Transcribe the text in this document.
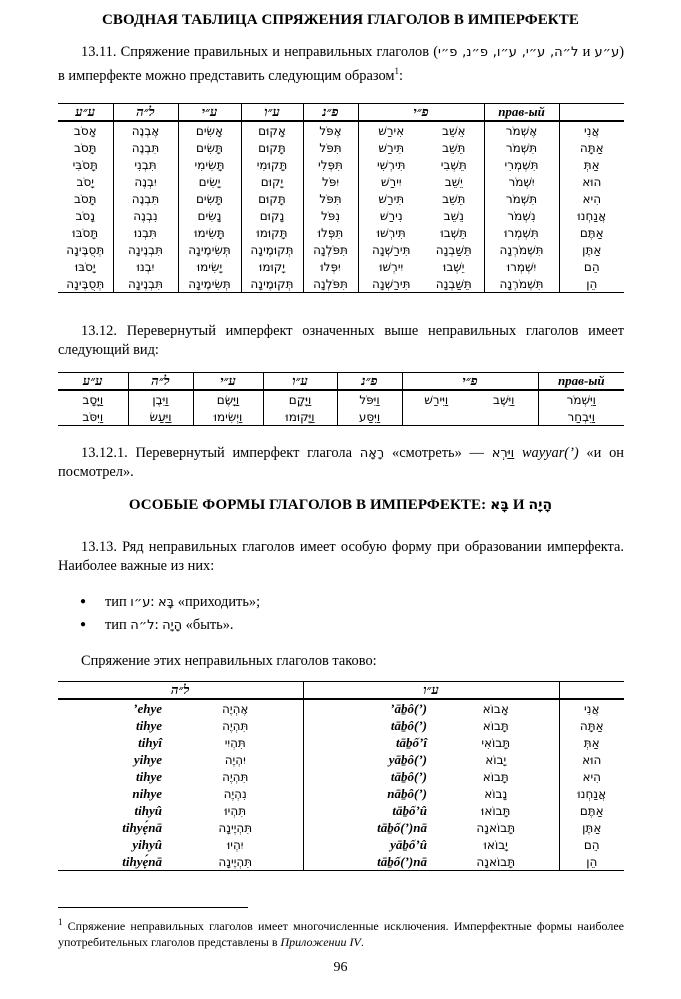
СВОДНАЯ ТАБЛИЦА СПРЯЖЕНИЯ ГЛАГОЛОВ В ИМПЕРФЕКТЕ
13.11. Спряжение правильных и неправильных глаголов (ל״ה, ע״י, ע״ו, פ״נ, פ״י и ע״ע) в имперфекте можно представить следующим образом$^1$:
ע״ע	ל״ה	ע״י	ע״ו	פ״נ	פ״י		прав-ый	
אָסֹב	אֶבְנֶה	אָשִׂים	אָקוּם	אֶפֹּל	אִירַשׁ	אֵשֵׁב	אֶשְׁמֹר	אֲנִי
תָּסֹב	תִּבְנֶה	תָּשִׂים	תָּקוּם	תִּפֹּל	תִּירַשׁ	תֵּשֵׁב	תִּשְׁמֹר	אַתָּה
תָּסֹבִּי	תִּבְנִי	תָּשִׂימִי	תָּקוּמִי	תִּפְּלִי	תִּירְשִׁי	תֵּשְׁבִי	תִּשְׁמְרִי	אַתְּ
יָסֹב	יִבְנֶה	יָשִׂים	יָקוּם	יִפֹּל	יִירַשׁ	יֵשֵׁב	יִשְׁמֹר	הוּא
תָּסֹב	תִּבְנֶה	תָּשִׂים	תָּקוּם	תִּפֹּל	תִּירַשׁ	תֵּשֵׁב	תִּשְׁמֹר	הִיא
נָסֹב	נִבְנֶה	נָשִׂים	נָקוּם	נִפֹּל	נִירַשׁ	נֵשֵׁב	נִשְׁמֹר	אֲנַחְנוּ
תָּסֹבּוּ	תִּבְנוּ	תָּשִׂימוּ	תָּקוּמוּ	תִּפְּלוּ	תִּירְשׁוּ	תֵּשְׁבוּ	תִּשְׁמְרוּ	אַתֶּם
תְּסֻבֶּינָה	תִּבְנֶינָה	תְּשִׂימֶינָה	תְּקוּמֶינָה	תִּפֹּלְנָה	תִּירַשְׁנָה	תֵּשַׁבְנָה	תִּשְׁמֹרְנָה	אַתֶּן
יָסֹבּוּ	יִבְנוּ	יָשִׂימוּ	יָקוּמוּ	יִפְּלוּ	יִירְשׁוּ	יֵשְׁבוּ	יִשְׁמְרוּ	הֵם
תְּסֻבֶּינָה	תִּבְנֶינָה	תְּשִׂימֶינָה	תְּקוּמֶינָה	תִּפֹּלְנָה	תִּירַשְׁנָה	תֵּשַׁבְנָה	תִּשְׁמֹרְנָה	הֵן
13.12. Перевернутый имперфект означенных выше неправильных глаголов имеет следующий вид:
ע״ע	ל״ה	ע״י	ע״ו	פ״נ	פ״י		прав-ый
וַיָּסָב	וַיִּבֶן	וַיָּשֶׂם	וַיָּקָם	וַיִּפֹּל	וַיִּירַשׁ	וַיֵּשֶׁב	וַיִּשְׁמֹר
וַיִּסֹּב	וַיַּעַשׂ	וַיְשִׂימוּ	וַיָּקוּמוּ	וַיִּסַּע			וַיִּבְחַר
13.12.1. Перевернутый имперфект глагола רָאָה «смотреть» — וַיַּרְא wayyar(’) «и он посмотрел».
ОСОБЫЕ ФОРМЫ ГЛАГОЛОВ В ИМПЕРФЕКТЕ: בָּא И הָיָה
13.13. Ряд неправильных глаголов имеет особую форму при образовании имперфекта. Наиболее важные из них:
● тип ע״ו: בָּא «приходить»;
● тип ל״ה: הָיָה «быть».
Спряжение этих неправильных глаголов таково:
ל״ה		ע״ו		
’ehye	אֶהְיֶה	’āḇô(’)	אָבוֹא	אֲנִי
tihye	תִּהְיֶה	tāḇô(’)	תָּבוֹא	אַתָּה
tihyî	תִּהְיִי	tāḇố’î	תָּבוֹאִי	אַתְּ
yihye	יִהְיֶה	yāḇô(’)	יָבוֹא	הוּא
tihye	תִּהְיֶה	tāḇô(’)	תָּבוֹא	הִיא
nihye	נִהְיֶה	nāḇô(’)	נָבוֹא	אֲנַחְנוּ
tihyû	תִּהְיוּ	tāḇố’û	תָּבוֹאוּ	אַתֶּם
tihyẹ́nā	תִּהְיֶינָה	tāḇố(’)nā	תָּבוֹאנָה	אַתֶּן
yihyû	יִהְיוּ	yāḇố’û	יָבוֹאוּ	הֵם
tihyẹ́nā	תִּהְיֶינָה	tāḇố(’)nā	תָּבוֹאנָה	הֵן
$^1$ Спряжение неправильных глаголов имеет многочисленные исключения. Имперфектные формы наиболее употребительных глаголов представлены в Приложении IV.
96
